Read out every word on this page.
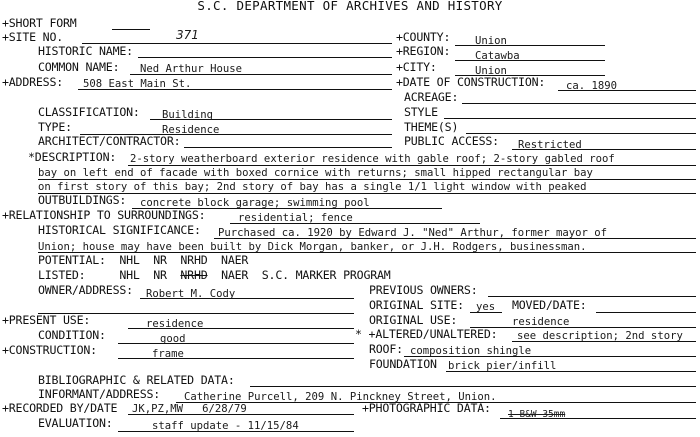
S.C. DEPARTMENT OF ARCHIVES AND HISTORY
+SHORT FORM
+SITE NO.	371	+COUNTY: Union
HISTORIC NAME:	+REGION: Catawba
COMMON NAME: Ned Arthur House	+CITY:	Union
+ADDRESS: 508 East Main St.	+DATE OF CONSTRUCTION: ca. 1890
ACREAGE:
CLASSIFICATION: Building	STYLE
TYPE:	Residence	THEME(S)
ARCHITECT/CONTRACTOR:	PUBLIC ACCESS: Restricted
*DESCRIPTION: 2-story weatherboard exterior residence with gable roof; 2-story gabled roof
bay on left end of facade with boxed cornice with returns; small hipped rectangular bay
on first story of this bay; 2nd story of bay has a single 1/1 light window with peaked
OUTBUILDINGS: concrete block garage; swimming pool
+RELATIONSHIP TO SURROUNDINGS:	residential; fence
HISTORICAL SIGNIFICANCE: Purchased ca. 1920 by Edward J. "Ned" Arthur, former mayor of
Union; house may have been built by Dick Morgan, banker, or J.H. Rodgers, businessman.
POTENTIAL:  NHL  NR  NRHD  NAER
LISTED:     NHL  NR  NRHD  NAER  S.C. MARKER PROGRAM
OWNER/ADDRESS: Robert M. Cody	PREVIOUS OWNERS:
ORIGINAL SITE: yes MOVED/DATE:
+PRESENT USE:	residence	ORIGINAL USE:	residence
CONDITION:	good	* +ALTERED/UNALTERED: see description; 2nd story
+CONSTRUCTION:	frame	ROOF: composition shingle
FOUNDATION brick pier/infill
BIBLIOGRAPHIC & RELATED DATA:
INFORMANT/ADDRESS: Catherine Purcell, 209 N. Pinckney Street, Union.
+RECORDED BY/DATE JK,PZ,MW   6/28/79	+PHOTOGRAPHIC DATA: 1 B&W 35mm
EVALUATION:	staff update - 11/15/84
